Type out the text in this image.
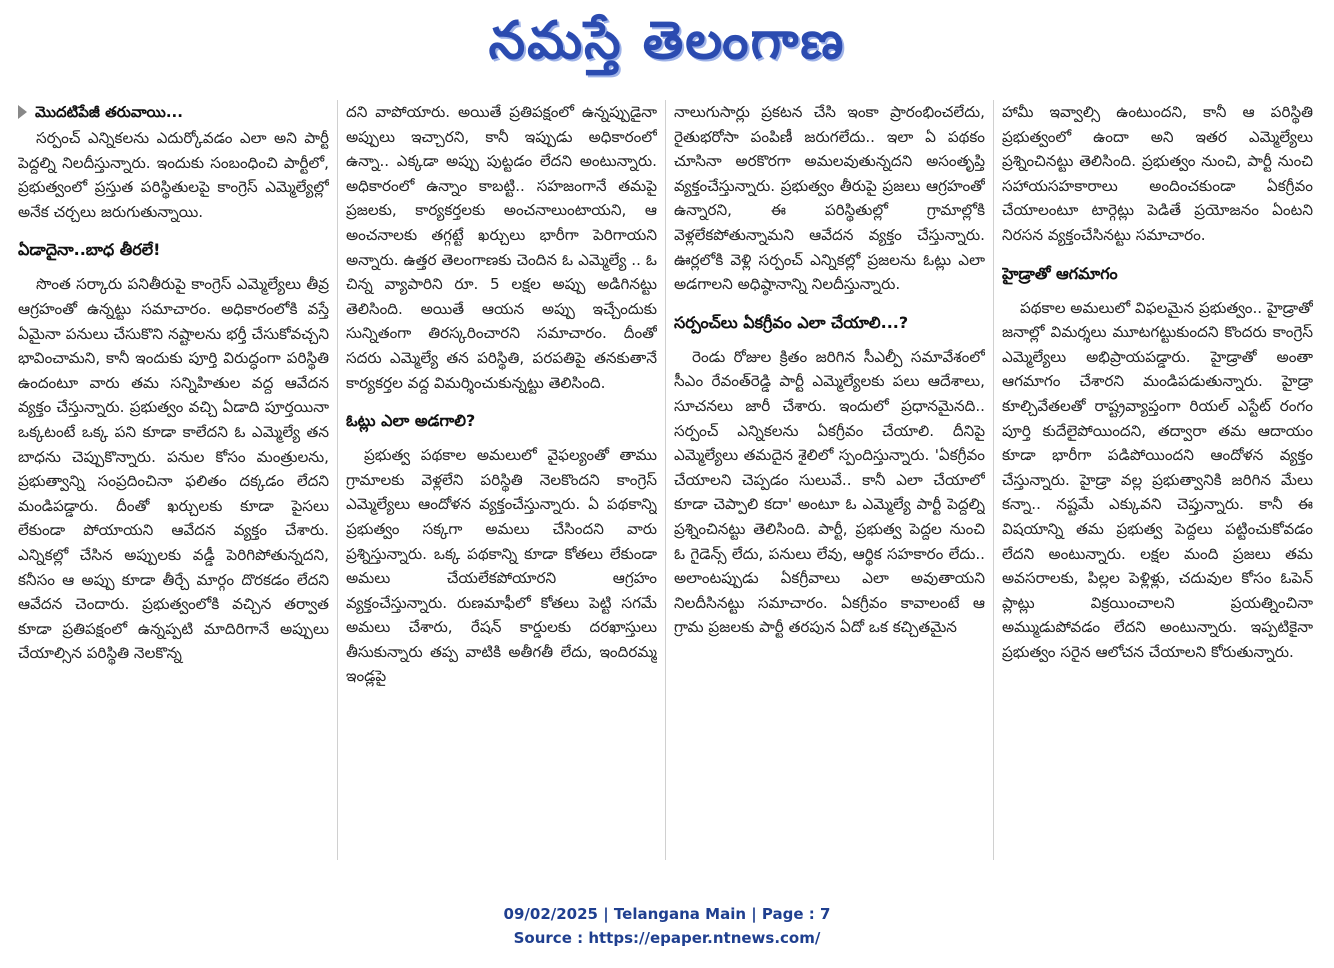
నమస్తే తెలంగాణ
మొదటిపేజీ తరువాయి...

సర్పంచ్ ఎన్నికలను ఎదుర్కోవడం ఎలా అని పార్టీ పెద్దల్ని నిలదీస్తున్నారు. ఇందుకు సంబంధించి పార్టీలో, ప్రభుత్వంలో ప్రస్తుత పరిస్థితులపై కాంగ్రెస్ ఎమ్మెల్యేల్లో అనేక చర్చలు జరుగుతున్నాయి.

ఏడాదైనా..బాధ తీరలే!

సొంత సర్కారు పనితీరుపై కాంగ్రెస్ ఎమ్మెల్యేలు తీవ్ర ఆగ్రహంతో ఉన్నట్టు సమాచారం. అధికారంలోకి వస్తే ఏమైనా పనులు చేసుకొని నష్టాలను భర్తీ చేసుకోవచ్చని భావించామని, కానీ ఇందుకు పూర్తి విరుద్ధంగా పరిస్థితి ఉందంటూ వారు తమ సన్నిహితుల వద్ద ఆవేదన వ్యక్తం చేస్తున్నారు. ప్రభుత్వం వచ్చి ఏడాది పూర్తయినా ఒక్కటంటే ఒక్క పని కూడా కాలేదని ఓ ఎమ్మెల్యే తన బాధను చెప్పుకొన్నారు. పనుల కోసం మంత్రులను, ప్రభుత్వాన్ని సంప్రదించినా ఫలితం దక్కడం లేదని మండిపడ్డారు. దీంతో ఖర్చులకు కూడా పైసలు లేకుండా పోయాయని ఆవేదన వ్యక్తం చేశారు. ఎన్నికల్లో చేసిన అప్పులకు వడ్డీ పెరిగిపోతున్నదని, కనీసం ఆ అప్పు కూడా తీర్చే మార్గం దొరకడం లేదని ఆవేదన చెందారు. ప్రభుత్వంలోకి వచ్చిన తర్వాత కూడా ప్రతిపక్షంలో ఉన్నప్పటి మాదిరిగానే అప్పులు చేయాల్సిన పరిస్థితి నెలకొన్న

దని వాపోయారు. అయితే ప్రతిపక్షంలో ఉన్నప్పుడైనా అప్పులు ఇచ్చారని, కానీ ఇప్పుడు అధికారంలో ఉన్నా.. ఎక్కడా అప్పు పుట్టడం లేదని అంటున్నారు. అధికారంలో ఉన్నాం కాబట్టి.. సహజంగానే తమపై ప్రజలకు, కార్యకర్తలకు అంచనాలుంటాయని, ఆ అంచనాలకు తగ్గట్టే ఖర్చులు భారీగా పెరిగాయని అన్నారు. ఉత్తర తెలంగాణకు చెందిన ఓ ఎమ్మెల్యే .. ఓ చిన్న వ్యాపారిని రూ. 5 లక్షల అప్పు అడిగినట్టు తెలిసింది. అయితే ఆయన అప్పు ఇచ్చేందుకు సున్నితంగా తిరస్కరించారని సమాచారం. దీంతో సదరు ఎమ్మెల్యే తన పరిస్థితి, పరపతిపై తనకుతానే కార్యకర్తల వద్ద విమర్శించుకున్నట్టు తెలిసింది.

ఓట్లు ఎలా అడగాలి?

ప్రభుత్వ పథకాల అమలులో వైఫల్యంతో తాము గ్రామాలకు వెళ్లలేని పరిస్థితి నెలకొందని కాంగ్రెస్ ఎమ్మెల్యేలు ఆందోళన వ్యక్తంచేస్తున్నారు. ఏ పథకాన్ని ప్రభుత్వం సక్కగా అమలు చేసిందని వారు ప్రశ్నిస్తున్నారు. ఒక్క పథకాన్ని కూడా కోతలు లేకుండా అమలు చేయలేకపోయారని ఆగ్రహం వ్యక్తంచేస్తున్నారు. రుణమాఫీలో కోతలు పెట్టి సగమే అమలు చేశారు, రేషన్ కార్డులకు దరఖాస్తులు తీసుకున్నారు తప్ప వాటికి అతీగతీ లేదు, ఇందిరమ్మ ఇండ్లపై

నాలుగుసార్లు ప్రకటన చేసి ఇంకా ప్రారంభించలేదు, రైతుభరోసా పంపిణీ జరుగలేదు.. ఇలా ఏ పథకం చూసినా అరకొరగా అమలవుతున్నదని అసంతృప్తి వ్యక్తంచేస్తున్నారు. ప్రభుత్వం తీరుపై ప్రజలు ఆగ్రహంతో ఉన్నారని, ఈ పరిస్థితుల్లో గ్రామాల్లోకి వెళ్లలేకపోతున్నామని ఆవేదన వ్యక్తం చేస్తున్నారు. ఊర్లలోకి వెళ్లి సర్పంచ్ ఎన్నికల్లో ప్రజలను ఓట్లు ఎలా అడగాలని అధిష్ఠానాన్ని నిలదీస్తున్నారు.

సర్పంచ్‌లు ఏకగ్రీవం ఎలా చేయాలి...?

రెండు రోజుల క్రితం జరిగిన సీఎల్పీ సమావేశంలో సీఎం రేవంత్‌రెడ్డి పార్టీ ఎమ్మెల్యేలకు పలు ఆదేశాలు, సూచనలు జారీ చేశారు. ఇందులో ప్రధానమైనది.. సర్పంచ్ ఎన్నికలను ఏకగ్రీవం చేయాలి. దీనిపై ఎమ్మెల్యేలు తమదైన శైలిలో స్పందిస్తున్నారు. 'ఏకగ్రీవం చేయాలని చెప్పడం సులువే.. కానీ ఎలా చేయాలో కూడా చెప్పాలి కదా' అంటూ ఓ ఎమ్మెల్యే పార్టీ పెద్దల్ని ప్రశ్నించినట్టు తెలిసింది. పార్టీ, ప్రభుత్వ పెద్దల నుంచి ఓ గైడెన్స్ లేదు, పనులు లేవు, ఆర్థిక సహకారం లేదు.. అలాంటప్పుడు ఏకగ్రీవాలు ఎలా అవుతాయని నిలదీసినట్టు సమాచారం. ఏకగ్రీవం కావాలంటే ఆ గ్రామ ప్రజలకు పార్టీ తరపున ఏదో ఒక కచ్చితమైన

హామీ ఇవ్వాల్సి ఉంటుందని, కానీ ఆ పరిస్థితి ప్రభుత్వంలో ఉందా అని ఇతర ఎమ్మెల్యేలు ప్రశ్నించినట్టు తెలిసింది. ప్రభుత్వం నుంచి, పార్టీ నుంచి సహాయసహకారాలు అందించకుండా ఏకగ్రీవం చేయాలంటూ టార్గెట్లు పెడితే ప్రయోజనం ఏంటని నిరసన వ్యక్తంచేసినట్టు సమాచారం.

హైడ్రాతో ఆగమాగం

పథకాల అమలులో విఫలమైన ప్రభుత్వం.. హైడ్రాతో జనాల్లో విమర్శలు మూటగట్టుకుందని కొందరు కాంగ్రెస్ ఎమ్మెల్యేలు అభిప్రాయపడ్డారు. హైడ్రాతో అంతా ఆగమాగం చేశారని మండిపడుతున్నారు. హైడ్రా కూల్చివేతలతో రాష్ట్రవ్యాప్తంగా రియల్ ఎస్టేట్ రంగం పూర్తి కుదేలైపోయిందని, తద్వారా తమ ఆదాయం కూడా భారీగా పడిపోయిందని ఆందోళన వ్యక్తం చేస్తున్నారు. హైడ్రా వల్ల ప్రభుత్వానికి జరిగిన మేలు కన్నా.. నష్టమే ఎక్కువని చెప్తున్నారు. కానీ ఈ విషయాన్ని తమ ప్రభుత్వ పెద్దలు పట్టించుకోవడం లేదని అంటున్నారు. లక్షల మంది ప్రజలు తమ అవసరాలకు, పిల్లల పెళ్లిళ్లు, చదువుల కోసం ఓపెన్ ప్లాట్లు విక్రయించాలని ప్రయత్నించినా అమ్ముడుపోవడం లేదని అంటున్నారు. ఇప్పటికైనా ప్రభుత్వం సరైన ఆలోచన చేయాలని కోరుతున్నారు.

09/02/2025 | Telangana Main | Page : 7
Source : https://epaper.ntnews.com/
